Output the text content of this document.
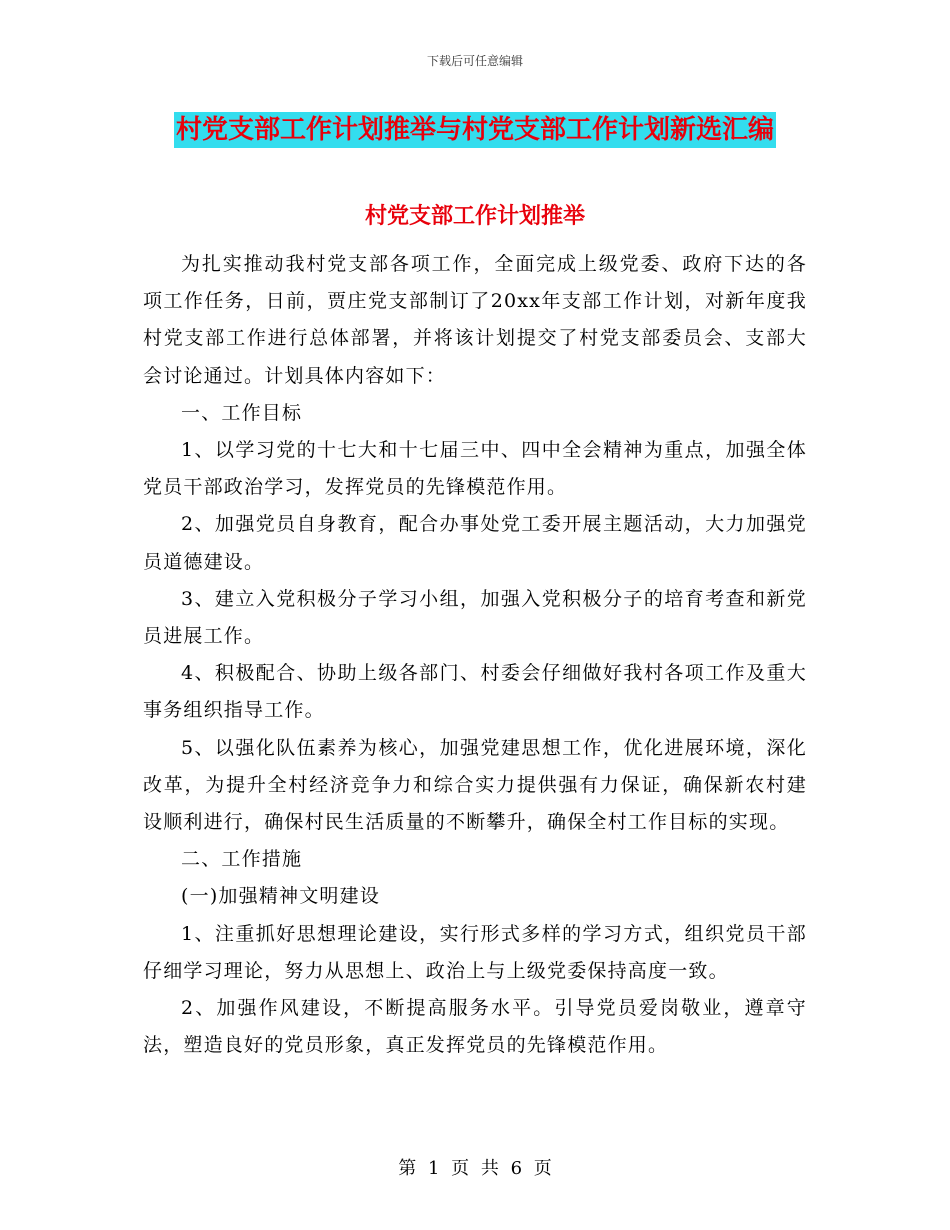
下载后可任意编辑
村党支部工作计划推举与村党支部工作计划新选汇编
村党支部工作计划推举

为扎实推动我村党支部各项工作，全面完成上级党委、政府下达的各项工作任务，日前，贾庄党支部制订了20xx年支部工作计划，对新年度我村党支部工作进行总体部署，并将该计划提交了村党支部委员会、支部大会讨论通过。计划具体内容如下：

一、工作目标

1、以学习党的十七大和十七届三中、四中全会精神为重点，加强全体党员干部政治学习，发挥党员的先锋模范作用。

2、加强党员自身教育，配合办事处党工委开展主题活动，大力加强党员道德建设。

3、建立入党积极分子学习小组，加强入党积极分子的培育考查和新党员进展工作。

4、积极配合、协助上级各部门、村委会仔细做好我村各项工作及重大事务组织指导工作。

5、以强化队伍素养为核心，加强党建思想工作，优化进展环境，深化改革，为提升全村经济竞争力和综合实力提供强有力保证，确保新农村建设顺利进行，确保村民生活质量的不断攀升，确保全村工作目标的实现。

二、工作措施

(一)加强精神文明建设

1、注重抓好思想理论建设，实行形式多样的学习方式，组织党员干部仔细学习理论，努力从思想上、政治上与上级党委保持高度一致。

2、加强作风建设，不断提高服务水平。引导党员爱岗敬业，遵章守法，塑造良好的党员形象，真正发挥党员的先锋模范作用。

第 1 页 共 6 页
